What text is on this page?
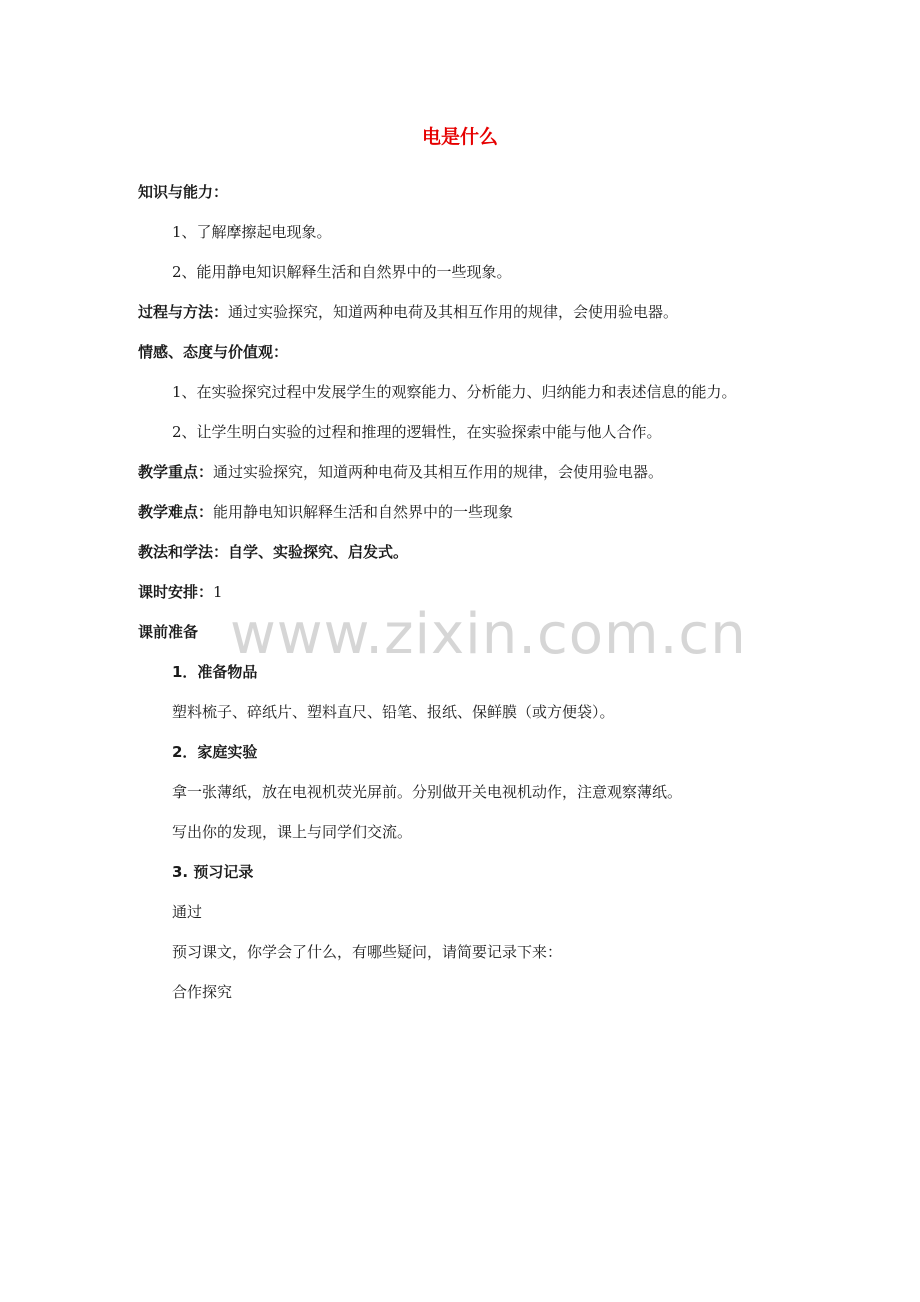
www.zixin.com.cn
电是什么
知识与能力：
1、了解摩擦起电现象。
2、能用静电知识解释生活和自然界中的一些现象。
过程与方法：通过实验探究，知道两种电荷及其相互作用的规律，会使用验电器。
情感、态度与价值观：
1、在实验探究过程中发展学生的观察能力、分析能力、归纳能力和表述信息的能力。
2、让学生明白实验的过程和推理的逻辑性，在实验探索中能与他人合作。
教学重点：通过实验探究，知道两种电荷及其相互作用的规律，会使用验电器。
教学难点：能用静电知识解释生活和自然界中的一些现象
教法和学法：自学、实验探究、启发式。
课时安排：1
课前准备
1．准备物品
塑料梳子、碎纸片、塑料直尺、铅笔、报纸、保鲜膜（或方便袋）。
2．家庭实验
拿一张薄纸，放在电视机荧光屏前。分别做开关电视机动作，注意观察薄纸。
写出你的发现，课上与同学们交流。
3. 预习记录
通过
预习课文，你学会了什么，有哪些疑问，请简要记录下来：
合作探究
